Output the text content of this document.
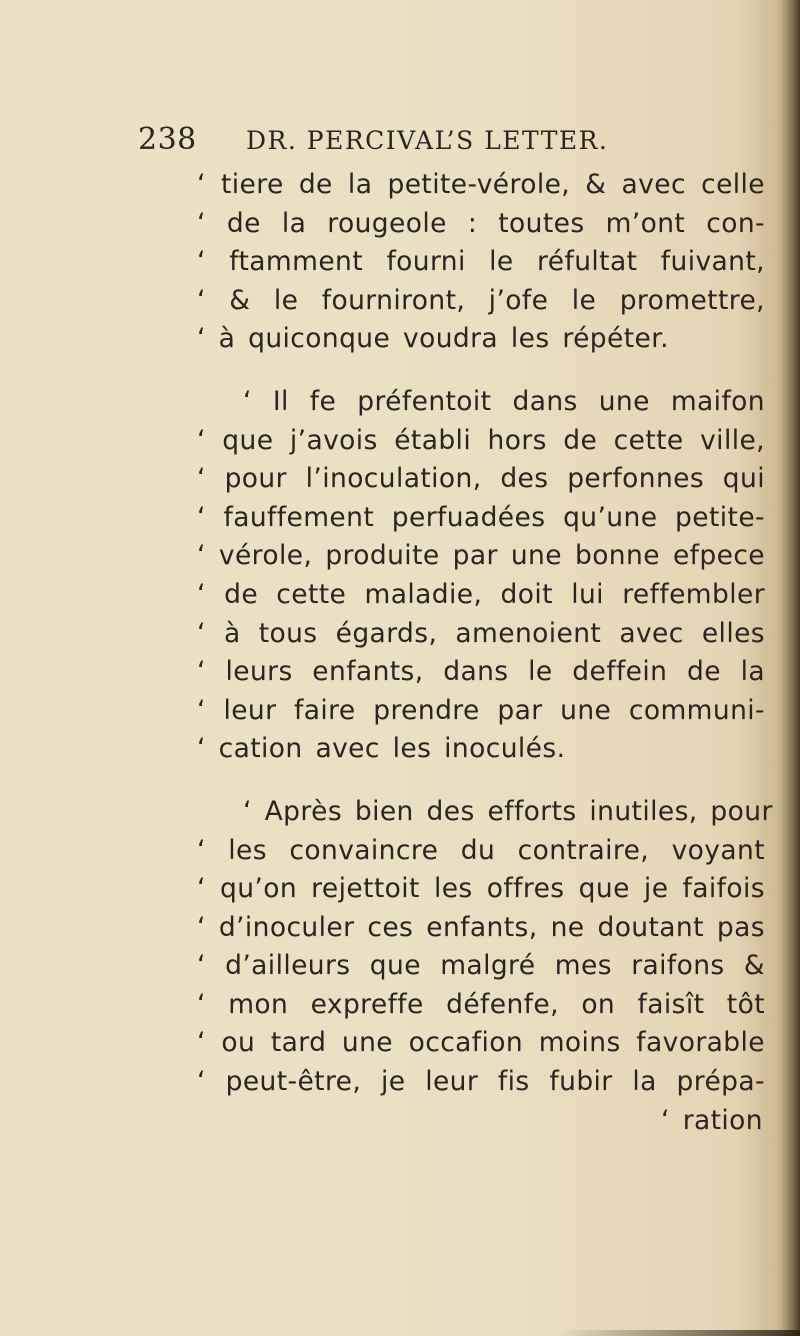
238 DR. PERCIVAL’S LETTER.
‘ tiere de la petite-vérole, & avec celle
‘ de la rougeole : toutes m’ont con-
‘ ftamment fourni le réfultat fuivant,
‘ & le fourniront, j’ofe le promettre,
‘ à quiconque voudra les répéter.
‘ Il fe préfentoit dans une maifon
‘ que j’avois établi hors de cette ville,
‘ pour l’inoculation, des perfonnes qui
‘ fauffement perfuadées qu’une petite-
‘ vérole, produite par une bonne efpece
‘ de cette maladie, doit lui reffembler
‘ à tous égards, amenoient avec elles
‘ leurs enfants, dans le deffein de la
‘ leur faire prendre par une communi-
‘ cation avec les inoculés.
‘ Après bien des efforts inutiles, pour
‘ les convaincre du contraire, voyant
‘ qu’on rejettoit les offres que je faifois
‘ d’inoculer ces enfants, ne doutant pas
‘ d’ailleurs que malgré mes raifons &
‘ mon expreffe défenfe, on faisît tôt
‘ ou tard une occafion moins favorable
‘ peut-être, je leur fis fubir la prépa-
‘ ration
